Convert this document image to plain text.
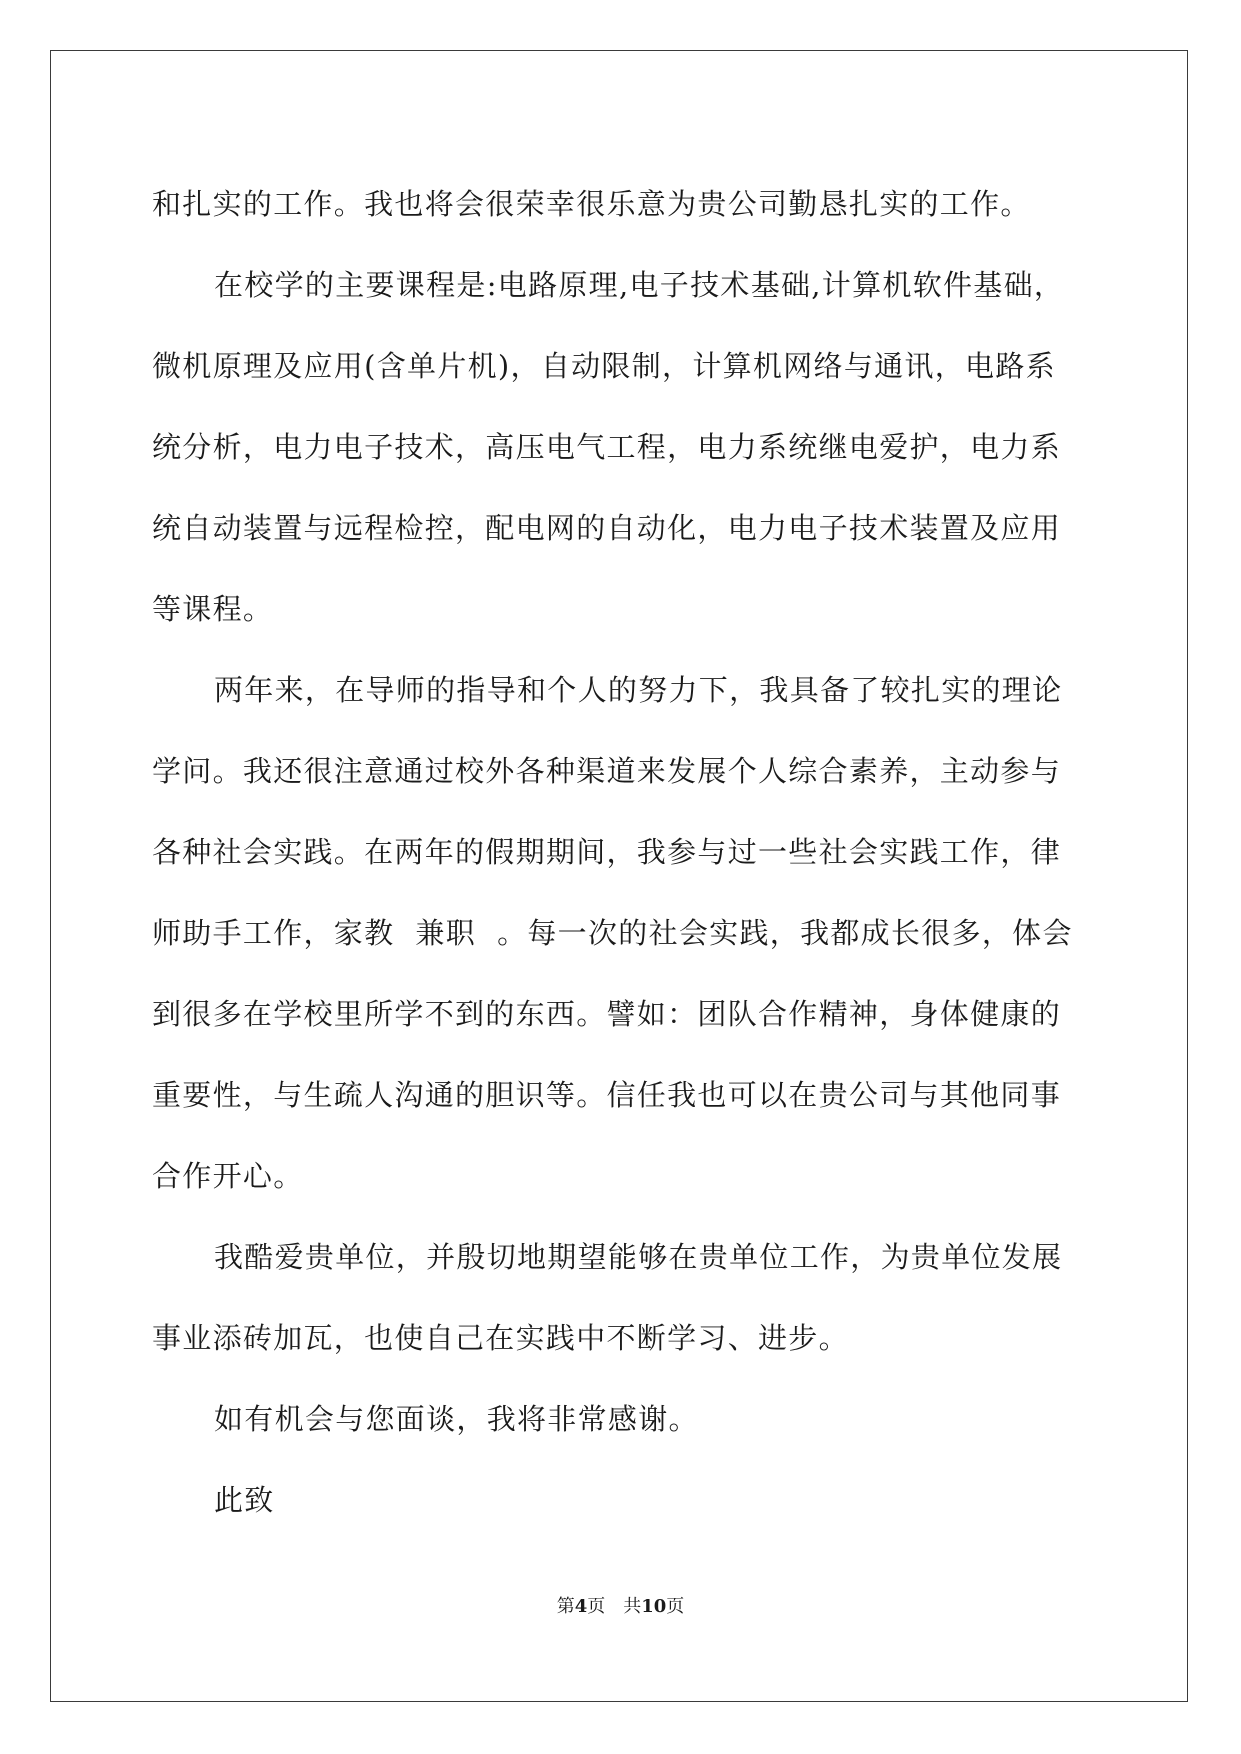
和扎实的工作。我也将会很荣幸很乐意为贵公司勤恳扎实的工作。

在校学的主要课程是:电路原理,电子技术基础,计算机软件基础，
微机原理及应用(含单片机)，自动限制，计算机网络与通讯，电路系
统分析，电力电子技术，高压电气工程，电力系统继电爱护，电力系
统自动装置与远程检控，配电网的自动化，电力电子技术装置及应用
等课程。

两年来，在导师的指导和个人的努力下，我具备了较扎实的理论
学问。我还很注意通过校外各种渠道来发展个人综合素养，主动参与
各种社会实践。在两年的假期期间，我参与过一些社会实践工作，律
师助手工作，家教  兼职  。每一次的社会实践，我都成长很多，体会
到很多在学校里所学不到的东西。譬如：团队合作精神，身体健康的
重要性，与生疏人沟通的胆识等。信任我也可以在贵公司与其他同事
合作开心。

我酷爱贵单位，并殷切地期望能够在贵单位工作，为贵单位发展
事业添砖加瓦，也使自己在实践中不断学习、进步。

如有机会与您面谈，我将非常感谢。

此致

第4页 共10页
